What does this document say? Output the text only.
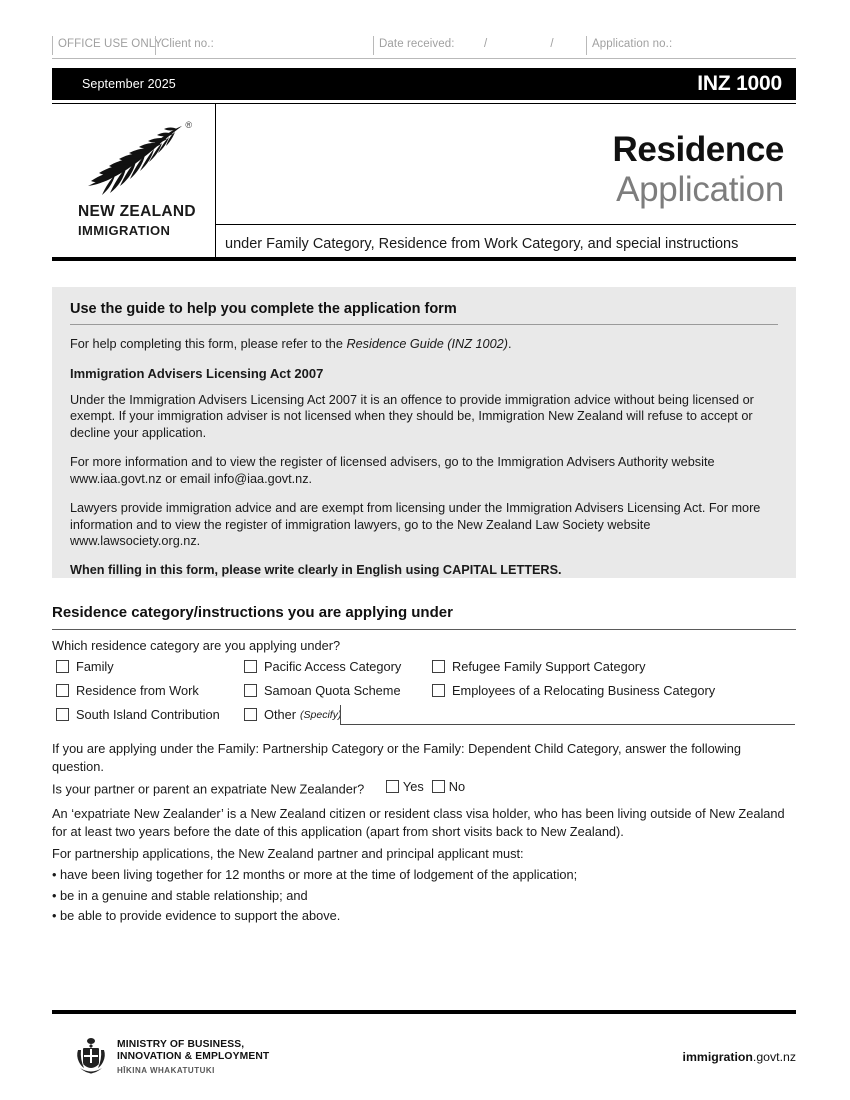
OFFICE USE ONLY
Client no.:	Date received:	/ / Application no.:
September 2025	INZ 1000
®
NEW ZEALAND
IMMIGRATION
Residence
Application
under Family Category, Residence from Work Category, and special instructions
Use the guide to help you complete the application form

For help completing this form, please refer to the Residence Guide (INZ 1002).

Immigration Advisers Licensing Act 2007

Under the Immigration Advisers Licensing Act 2007 it is an offence to provide immigration advice without being licensed or exempt. If your immigration adviser is not licensed when they should be, Immigration New Zealand will refuse to accept or decline your application.

For more information and to view the register of licensed advisers, go to the Immigration Advisers Authority website www.iaa.govt.nz or email info@iaa.govt.nz.

Lawyers provide immigration advice and are exempt from licensing under the Immigration Advisers Licensing Act. For more information and to view the register of immigration lawyers, go to the New Zealand Law Society website www.lawsociety.org.nz.

When filling in this form, please write clearly in English using CAPITAL LETTERS.

Residence category/instructions you are applying under
Which residence category are you applying under?
Family	Pacific Access Category	Refugee Family Support Category
Residence from Work	Samoan Quota Scheme	Employees of a Relocating Business Category
South Island Contribution	Other (Specify)
If you are applying under the Family: Partnership Category or the Family: Dependent Child Category, answer the following question.
Is your partner or parent an expatriate New Zealander?	Yes No
An ‘expatriate New Zealander’ is a New Zealand citizen or resident class visa holder, who has been living outside of New Zealand for at least two years before the date of this application (apart from short visits back to New Zealand).
For partnership applications, the New Zealand partner and principal applicant must:
• have been living together for 12 months or more at the time of lodgement of the application;
• be in a genuine and stable relationship; and
• be able to provide evidence to support the above.
MINISTRY OF BUSINESS,
INNOVATION & EMPLOYMENT
HĪKINA WHAKATUTUKI
immigration.govt.nz
